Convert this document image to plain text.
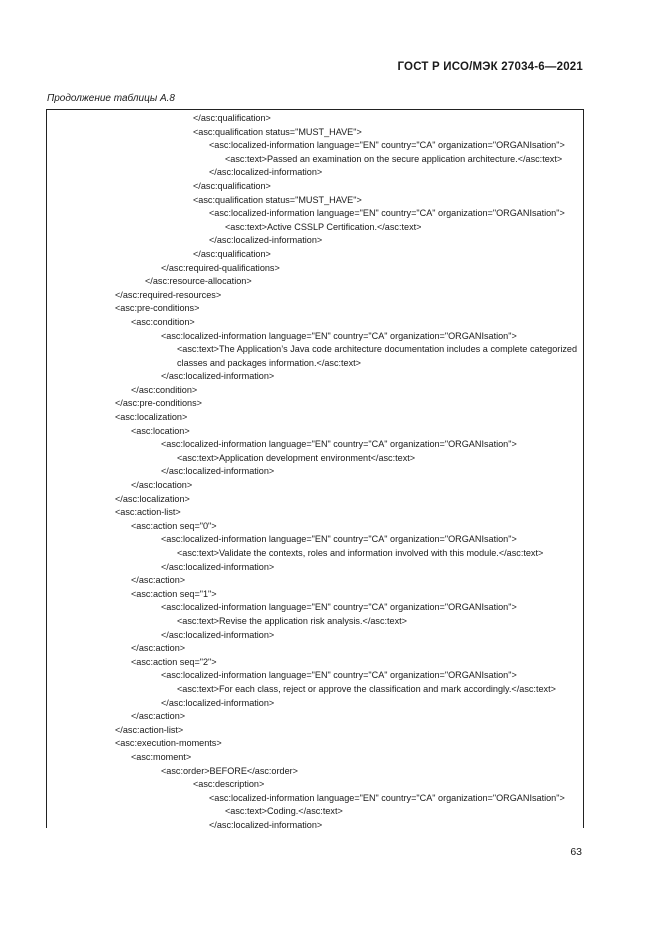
ГОСТ Р ИСО/МЭК 27034-6—2021
Продолжение таблицы А.8
</asc:qualification>
<asc:qualification status="MUST_HAVE">
<asc:localized-information language="EN" country="CA" organization="ORGANIsation">
<asc:text>Passed an examination on the secure application architecture.</asc:text>
</asc:localized-information>
</asc:qualification>
<asc:qualification status="MUST_HAVE">
<asc:localized-information language="EN" country="CA" organization="ORGANIsation">
<asc:text>Active CSSLP Certification.</asc:text>
</asc:localized-information>
</asc:qualification>
</asc:required-qualifications>
</asc:resource-allocation>
</asc:required-resources>
<asc:pre-conditions>
<asc:condition>
<asc:localized-information language="EN" country="CA" organization="ORGANIsation">
<asc:text>The Application’s Java code architecture documentation includes a complete categorized classes and packages information.</asc:text>
</asc:localized-information>
</asc:condition>
</asc:pre-conditions>
<asc:localization>
<asc:location>
<asc:localized-information language="EN" country="CA" organization="ORGANIsation">
<asc:text>Application development environment</asc:text>
</asc:localized-information>
</asc:location>
</asc:localization>
<asc:action-list>
<asc:action seq="0">
<asc:localized-information language="EN" country="CA" organization="ORGANIsation">
<asc:text>Validate the contexts, roles and information involved with this module.</asc:text>
</asc:localized-information>
</asc:action>
<asc:action seq="1">
<asc:localized-information language="EN" country="CA" organization="ORGANIsation">
<asc:text>Revise the application risk analysis.</asc:text>
</asc:localized-information>
</asc:action>
<asc:action seq="2">
<asc:localized-information language="EN" country="CA" organization="ORGANIsation">
<asc:text>For each class, reject or approve the classification and mark accordingly.</asc:text>
</asc:localized-information>
</asc:action>
</asc:action-list>
<asc:execution-moments>
<asc:moment>
<asc:order>BEFORE</asc:order>
<asc:description>
<asc:localized-information language="EN" country="CA" organization="ORGANIsation">
<asc:text>Coding.</asc:text>
</asc:localized-information>
63
